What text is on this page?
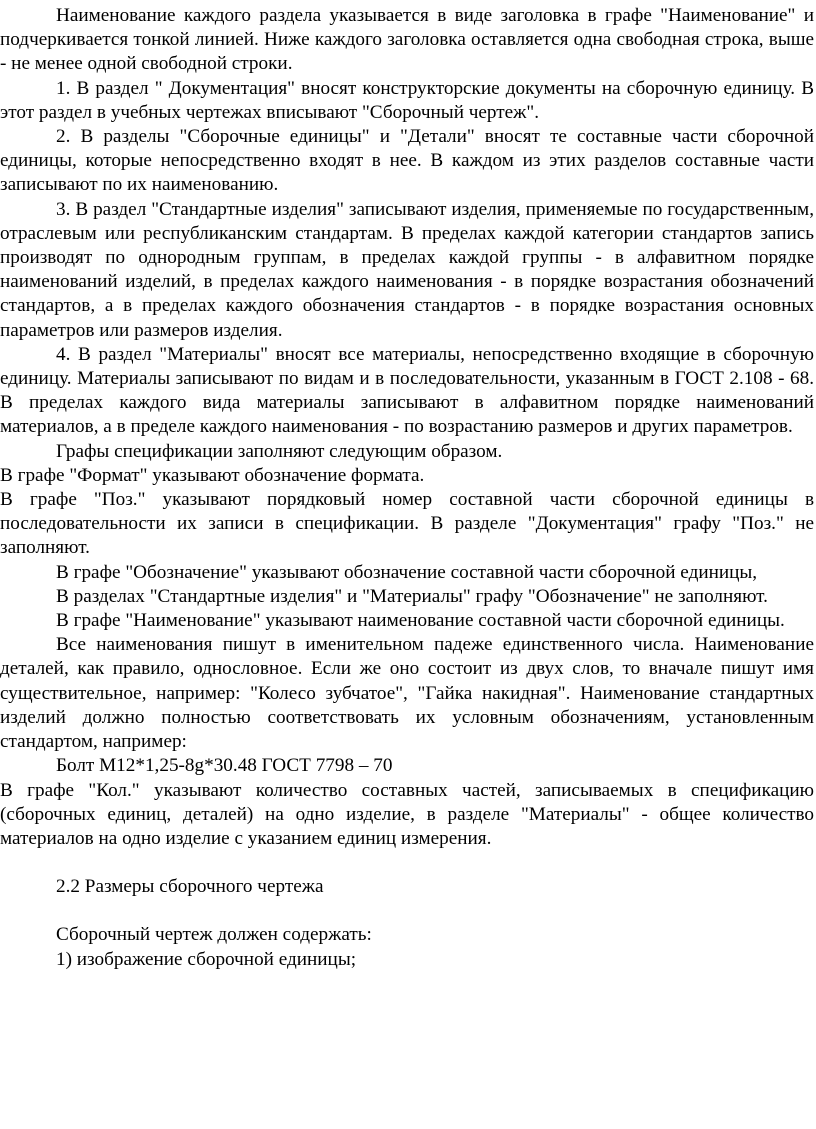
Наименование каждого раздела указывается в виде заголовка в графе "Наименование" и подчеркивается тонкой линией. Ниже каждого заголовка оставляется одна свободная строка, выше - не менее одной свободной строки.

1. В раздел " Документация" вносят конструкторские документы на сборочную единицу. В этот раздел в учебных чертежах вписывают "Сборочный чертеж".

2. В разделы "Сборочные единицы" и "Детали" вносят те составные части сборочной единицы, которые непосредственно входят в нее. В каждом из этих разделов составные части записывают по их наименованию.

3. В раздел "Стандартные изделия" записывают изделия, применяемые по государственным, отраслевым или республиканским стандартам. В пределах каждой категории стандартов запись производят по однородным группам, в пределах каждой группы - в алфавитном порядке наименований изделий, в пределах каждого наименования - в порядке возрастания обозначений стандартов, а в пределах каждого обозначения стандартов - в порядке возрастания основных параметров или размеров изделия.

4. В раздел "Материалы" вносят все материалы, непосредственно входящие в сборочную единицу. Материалы записывают по видам и в последовательности, указанным в ГОСТ 2.108 - 68. В пределах каждого вида материалы записывают в алфавитном порядке наименований материалов, а в пределе каждого наименования - по возрастанию размеров и других параметров.

Графы спецификации заполняют следующим образом.

В графе "Формат" указывают обозначение формата.

В графе "Поз." указывают порядковый номер составной части сборочной единицы в последовательности их записи в спецификации. В разделе "Документация" графу "Поз." не заполняют.

В графе "Обозначение" указывают обозначение составной части сборочной единицы,

В разделах "Стандартные изделия" и "Материалы" графу "Обозначение" не заполняют.

В графе "Наименование" указывают наименование составной части сборочной единицы.

Все наименования пишут в именительном падеже единственного числа. Наименование деталей, как правило, однословное. Если же оно состоит из двух слов, то вначале пишут имя существительное, например: "Колесо зубчатое", "Гайка накидная". Наименование стандартных изделий должно полностью соответствовать их условным обозначениям, установленным стандартом, например:

Болт М12*1,25-8g*30.48 ГОСТ 7798 – 70

В графе "Кол." указывают количество составных частей, записываемых в спецификацию (сборочных единиц, деталей) на одно изделие, в разделе "Материалы" - общее количество материалов на одно изделие с указанием единиц измерения.

2.2 Размеры сборочного чертежа

Сборочный чертеж должен содержать:

1) изображение сборочной единицы;
